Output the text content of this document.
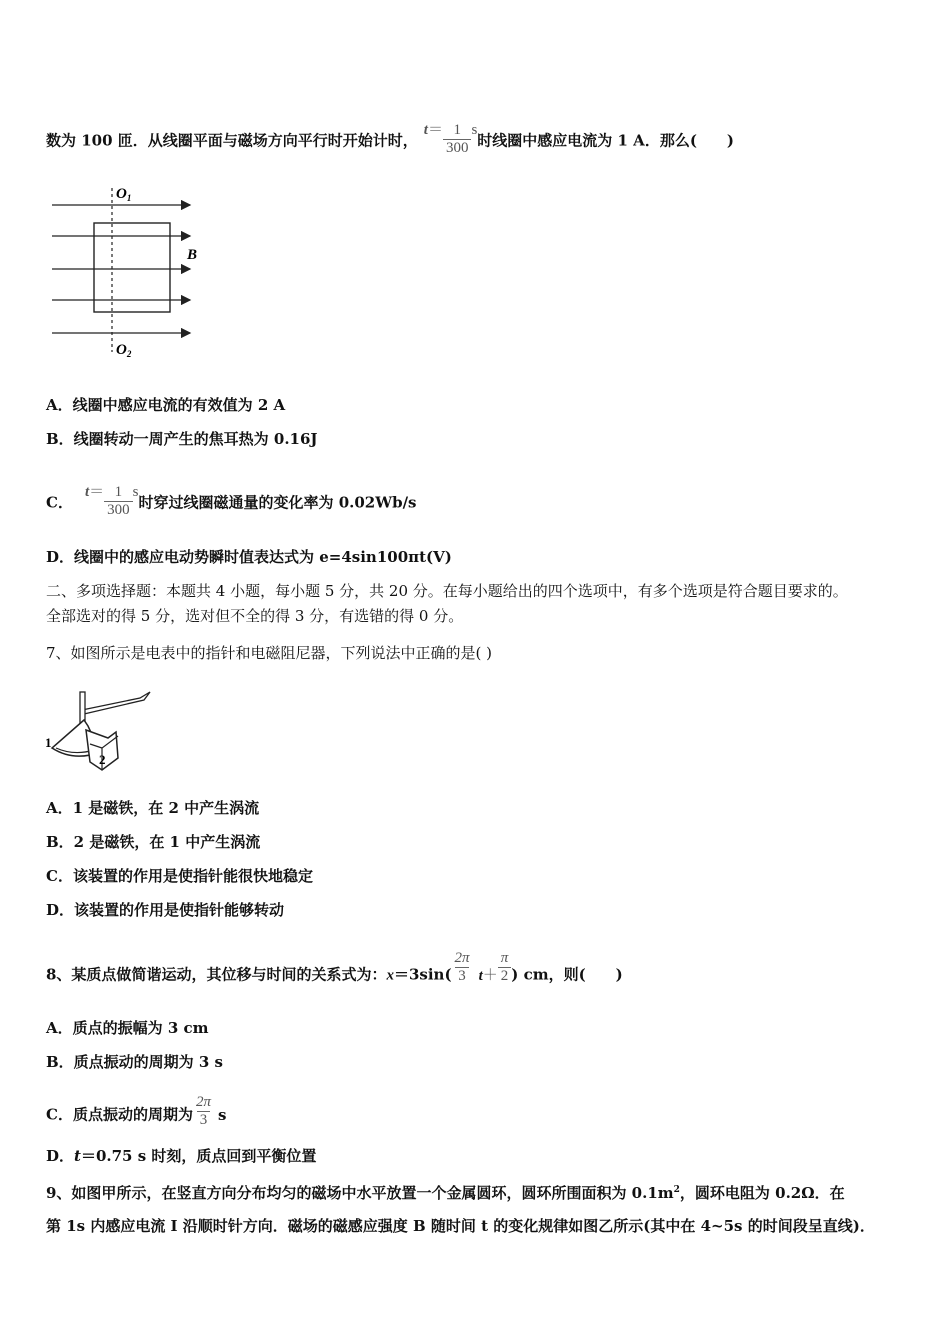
数为 100 匝．从线圈平面与磁场方向平行时开始计时，$t= \frac{1}{300}$ s时线圈中感应电流为 1 A．那么(　　)
$O_1$
B
$O_2$
A．线圈中感应电流的有效值为 2 A
B．线圈转动一周产生的焦耳热为 0.16J
C．$t= \frac{1}{300}$ s时穿过线圈磁通量的变化率为 0.02Wb/s
D．线圈中的感应电动势瞬时值表达式为 e=4sin100πt(V)
二、多项选择题：本题共 4 小题，每小题 5 分，共 20 分。在每小题给出的四个选项中，有多个选项是符合题目要求的。
全部选对的得 5 分，选对但不全的得 3 分，有选错的得 0 分。
7、如图所示是电表中的指针和电磁阻尼器，下列说法中正确的是( )
1
2
A．1 是磁铁，在 2 中产生涡流
B．2 是磁铁，在 1 中产生涡流
C．该装置的作用是使指针能很快地稳定
D．该装置的作用是使指针能够转动
8、某质点做简谐运动，其位移与时间的关系式为：$x=3\sin( \frac{2\pi}{3} t+ \frac{\pi}{2}$ ) cm，则(　　)
A．质点的振幅为 3 cm
B．质点振动的周期为 3 s
C．质点振动的周期为 $\frac{2\pi}{3}$ s
D．t＝0.75 s 时刻，质点回到平衡位置
9、如图甲所示，在竖直方向分布均匀的磁场中水平放置一个金属圆环，圆环所围面积为 $0.1m^2$，圆环电阻为 0.2Ω．在
第 1s 内感应电流 I 沿顺时针方向．磁场的磁感应强度 B 随时间 t 的变化规律如图乙所示(其中在 4~5s 的时间段呈直线)．
